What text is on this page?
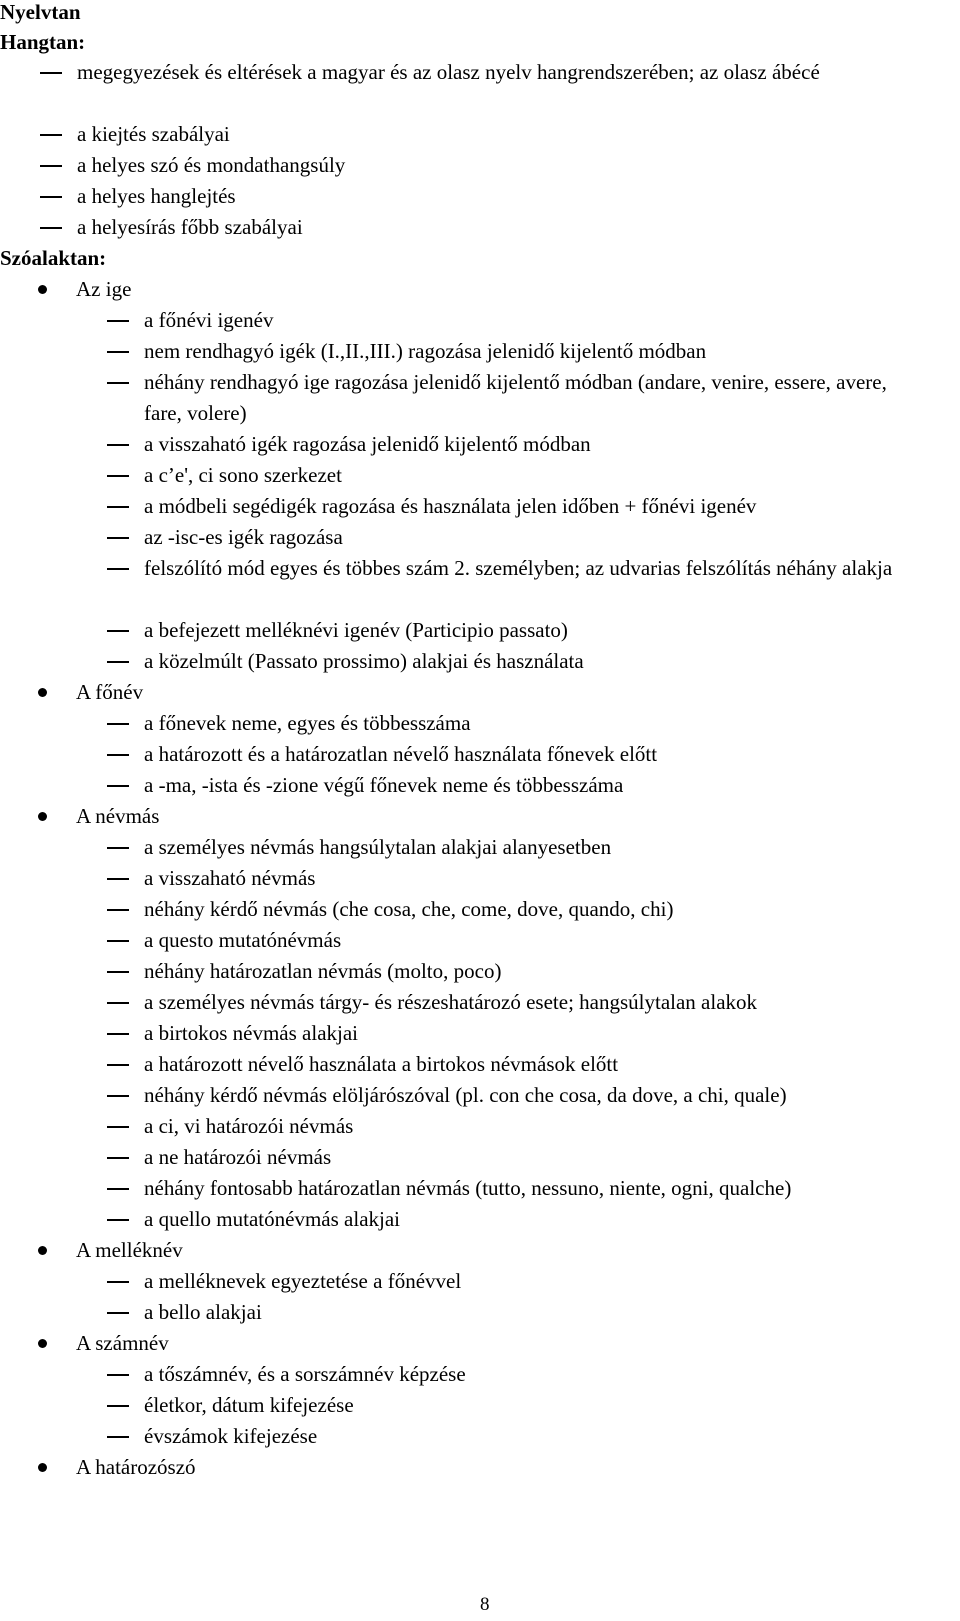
Nyelvtan
Hangtan:
megegyezések és eltérések a magyar és az olasz nyelv hangrendszerében; az olasz ábécé
a kiejtés szabályai
a helyes szó és mondathangsúly
a helyes hanglejtés
a helyesírás főbb szabályai
Szóalaktan:
Az ige
a főnévi igenév
nem rendhagyó igék (I.,II.,III.) ragozása jelenidő kijelentő módban
néhány rendhagyó ige ragozása jelenidő kijelentő módban (andare, venire, essere, avere, fare, volere)
a visszaható igék ragozása jelenidő kijelentő módban
a c’e', ci sono szerkezet
a módbeli segédigék ragozása és használata jelen időben + főnévi igenév
az -isc-es igék ragozása
felszólító mód egyes és többes szám 2. személyben; az udvarias felszólítás néhány alakja
a befejezett melléknévi igenév (Participio passato)
a közelmúlt (Passato prossimo) alakjai és használata
A főnév
a főnevek neme, egyes és többesszáma
a határozott és a határozatlan névelő használata főnevek előtt
a -ma, -ista és -zione végű főnevek neme és többesszáma
A névmás
a személyes névmás hangsúlytalan alakjai alanyesetben
a visszaható névmás
néhány kérdő névmás (che cosa, che, come, dove, quando, chi)
a questo mutatónévmás
néhány határozatlan névmás (molto, poco)
a személyes névmás tárgy- és részeshatározó esete; hangsúlytalan alakok
a birtokos névmás alakjai
a határozott névelő használata a birtokos névmások előtt
néhány kérdő névmás elöljárószóval (pl. con che cosa, da dove, a chi, quale)
a ci, vi határozói névmás
a ne határozói névmás
néhány fontosabb határozatlan névmás (tutto, nessuno, niente, ogni, qualche)
a quello mutatónévmás alakjai
A melléknév
a melléknevek egyeztetése a főnévvel
a bello alakjai
A számnév
a tőszámnév, és a sorszámnév képzése
életkor, dátum kifejezése
évszámok kifejezése
A határozószó
8
